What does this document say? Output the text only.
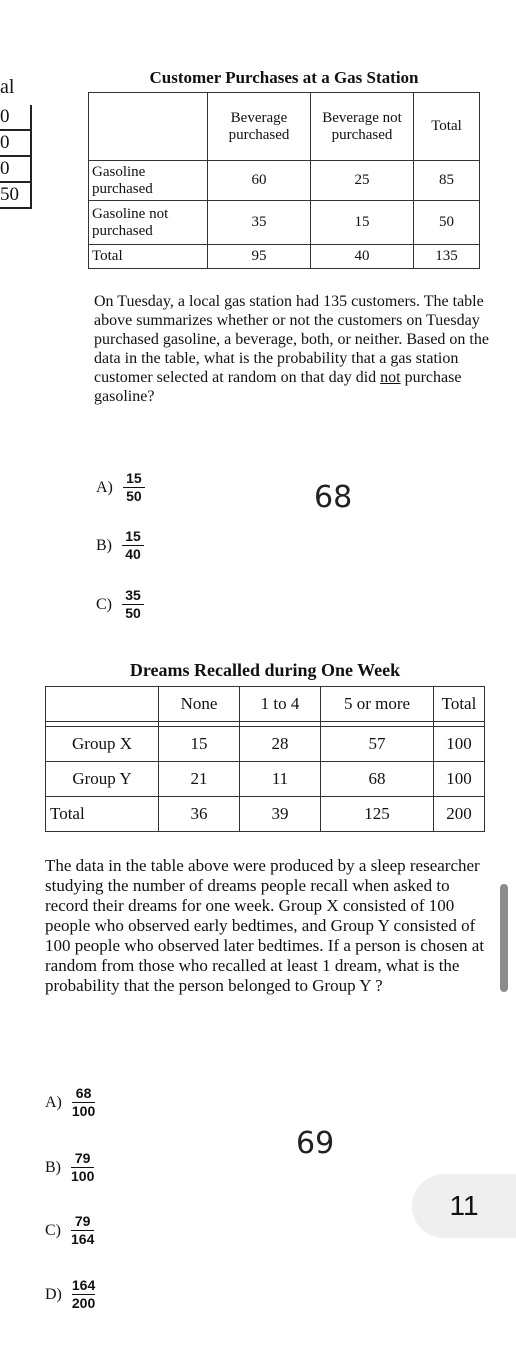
al
0
0
0
50
Customer Purchases at a Gas Station
	Beverage purchased	Beverage not purchased	Total
Gasoline purchased	60	25	85
Gasoline not purchased	35	15	50
Total	95	40	135
On Tuesday, a local gas station had 135 customers. The table above summarizes whether or not the customers on Tuesday purchased gasoline, a beverage, both, or neither. Based on the data in the table, what is the probability that a gas station customer selected at random on that day did not purchase gasoline?
$A) \frac{15}{50}$
$B) \frac{15}{40}$
$C) \frac{35}{50}$
68
Dreams Recalled during One Week
	None	1 to 4	5 or more	Total

Group X	15	28	57	100
Group Y	21	11	68	100
Total	36	39	125	200
The data in the table above were produced by a sleep researcher studying the number of dreams people recall when asked to record their dreams for one week. Group X consisted of 100 people who observed early bedtimes, and Group Y consisted of 100 people who observed later bedtimes. If a person is chosen at random from those who recalled at least 1 dream, what is the probability that the person belonged to Group Y ?
$A) \frac{68}{100}$
$B) \frac{79}{100}$
$C) \frac{79}{164}$
$D) \frac{164}{200}$
69
11
